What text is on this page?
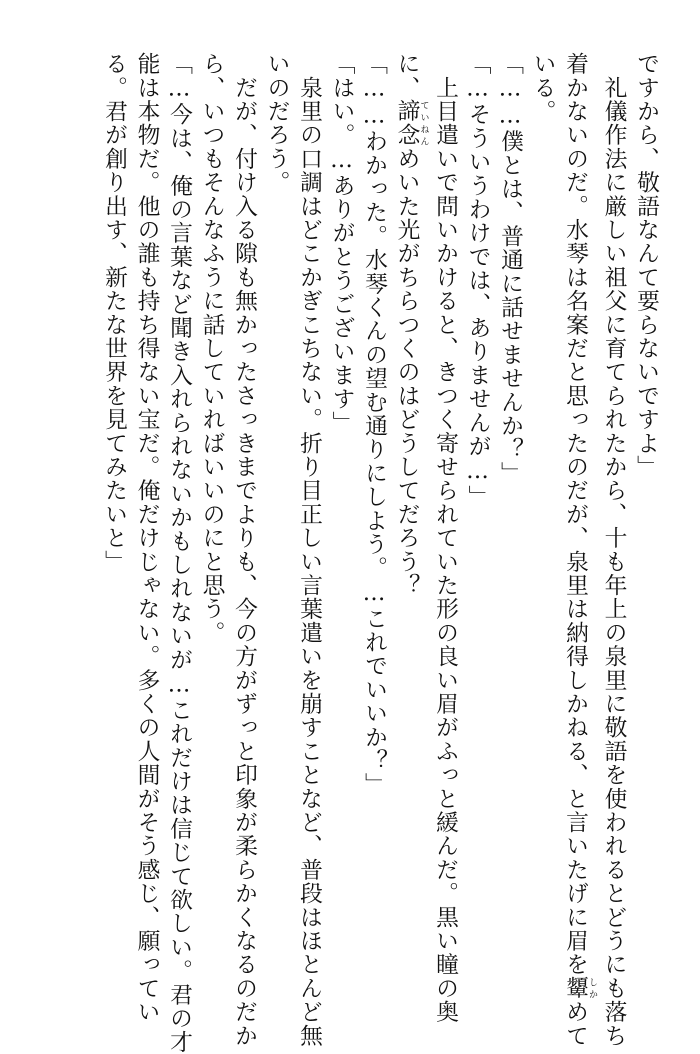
ですから、敬語なんて要らないですよ」
　礼儀作法に厳しい祖父に育てられたから、十も年上の泉里に敬語を使われるとどうにも落ち
着かないのだ。水琴は名案だと思ったのだが、泉里は納得しかねる、と言いたげに眉を顰 しかめて
いる。
「……僕とは、普通に話せませんか？」
「…そういうわけでは、ありませんが…」
　上目遣いで問いかけると、きつく寄せられていた形の良い眉がふっと緩んだ。黒い瞳の奥
に、諦念 ていねんめいた光がちらつくのはどうしてだろう？
「……わかった。水琴くんの望む通りにしよう。…これでいいか？」
「はい。…ありがとうございます」
　泉里の口調はどこかぎこちない。折り目正しい言葉遣いを崩すことなど、普段はほとんど無
いのだろう。
　だが、付け入る隙も無かったさっきまでよりも、今の方がずっと印象が柔らかくなるのだか
ら、いつもそんなふうに話していればいいのにと思う。
「…今は、俺の言葉など聞き入れられないかもしれないが…これだけは信じて欲しい。君の才
能は本物だ。他の誰も持ち得ない宝だ。俺だけじゃない。多くの人間がそう感じ、願ってい
る。君が創り出す、新たな世界を見てみたいと」
